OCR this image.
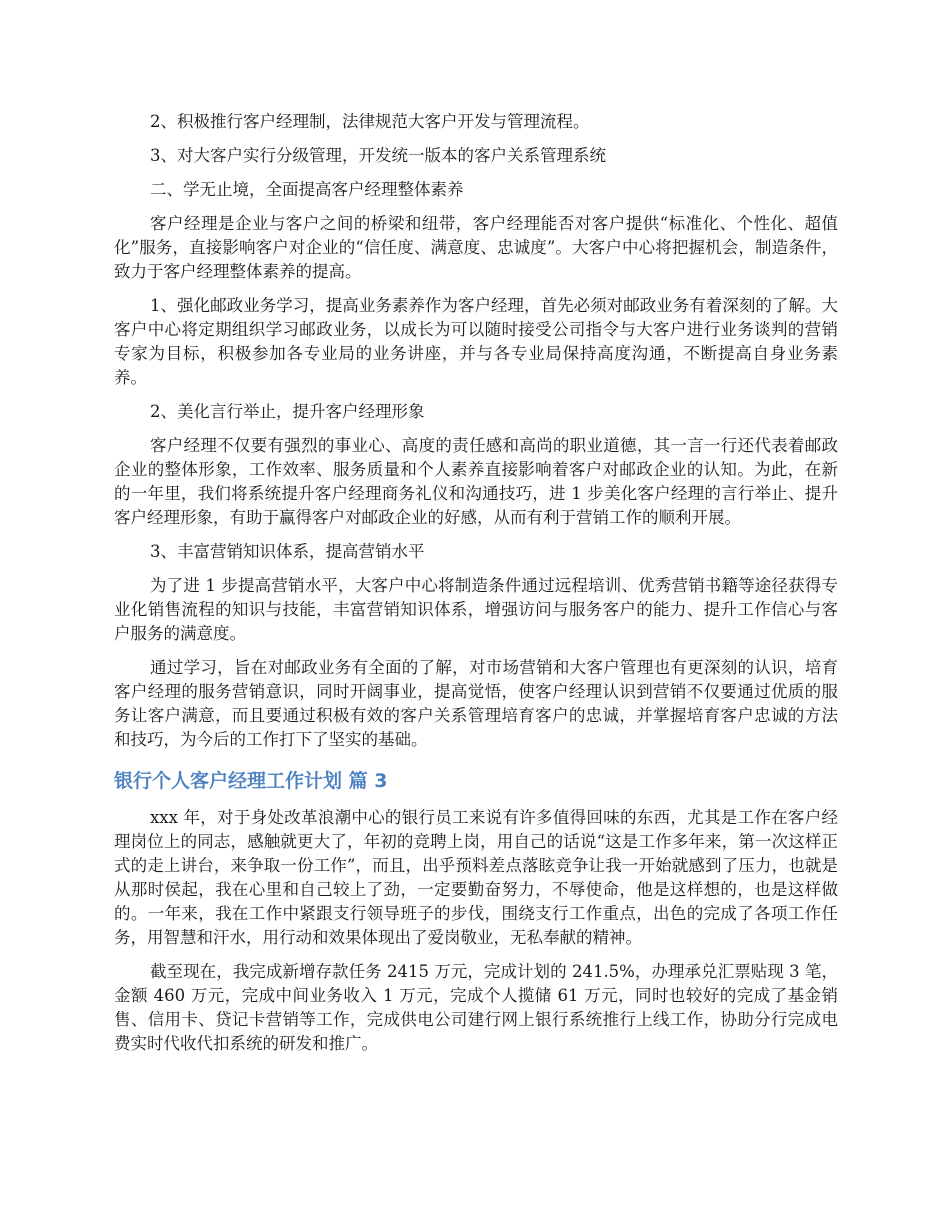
2、积极推行客户经理制，法律规范大客户开发与管理流程。

3、对大客户实行分级管理，开发统一版本的客户关系管理系统

二、学无止境，全面提高客户经理整体素养

客户经理是企业与客户之间的桥梁和纽带，客户经理能否对客户提供“标准化、个性化、超值化”服务，直接影响客户对企业的“信任度、满意度、忠诚度”。大客户中心将把握机会，制造条件，致力于客户经理整体素养的提高。

1、强化邮政业务学习，提高业务素养作为客户经理，首先必须对邮政业务有着深刻的了解。大客户中心将定期组织学习邮政业务，以成长为可以随时接受公司指令与大客户进行业务谈判的营销专家为目标，积极参加各专业局的业务讲座，并与各专业局保持高度沟通，不断提高自身业务素养。

2、美化言行举止，提升客户经理形象

客户经理不仅要有强烈的事业心、高度的责任感和高尚的职业道德，其一言一行还代表着邮政企业的整体形象，工作效率、服务质量和个人素养直接影响着客户对邮政企业的认知。为此，在新的一年里，我们将系统提升客户经理商务礼仪和沟通技巧，进 1 步美化客户经理的言行举止、提升客户经理形象，有助于赢得客户对邮政企业的好感，从而有利于营销工作的顺利开展。

3、丰富营销知识体系，提高营销水平

为了进 1 步提高营销水平，大客户中心将制造条件通过远程培训、优秀营销书籍等途径获得专业化销售流程的知识与技能，丰富营销知识体系，增强访问与服务客户的能力、提升工作信心与客户服务的满意度。

通过学习，旨在对邮政业务有全面的了解，对市场营销和大客户管理也有更深刻的认识，培育客户经理的服务营销意识，同时开阔事业，提高觉悟，使客户经理认识到营销不仅要通过优质的服务让客户满意，而且要通过积极有效的客户关系管理培育客户的忠诚，并掌握培育客户忠诚的方法和技巧，为今后的工作打下了坚实的基础。

银行个人客户经理工作计划 篇 3

xxx 年，对于身处改革浪潮中心的银行员工来说有许多值得回味的东西，尤其是工作在客户经理岗位上的同志，感触就更大了，年初的竞聘上岗，用自己的话说“这是工作多年来，第一次这样正式的走上讲台，来争取一份工作”，而且，出乎预料差点落眩竞争让我一开始就感到了压力，也就是从那时侯起，我在心里和自己较上了劲，一定要勤奋努力，不辱使命，他是这样想的，也是这样做的。一年来，我在工作中紧跟支行领导班子的步伐，围绕支行工作重点，出色的完成了各项工作任务，用智慧和汗水，用行动和效果体现出了爱岗敬业，无私奉献的精神。

截至现在，我完成新增存款任务 2415 万元，完成计划的 241.5%，办理承兑汇票贴现 3 笔，金额 460 万元，完成中间业务收入 1 万元，完成个人揽储 61 万元，同时也较好的完成了基金销售、信用卡、贷记卡营销等工作，完成供电公司建行网上银行系统推行上线工作，协助分行完成电费实时代收代扣系统的研发和推广。
